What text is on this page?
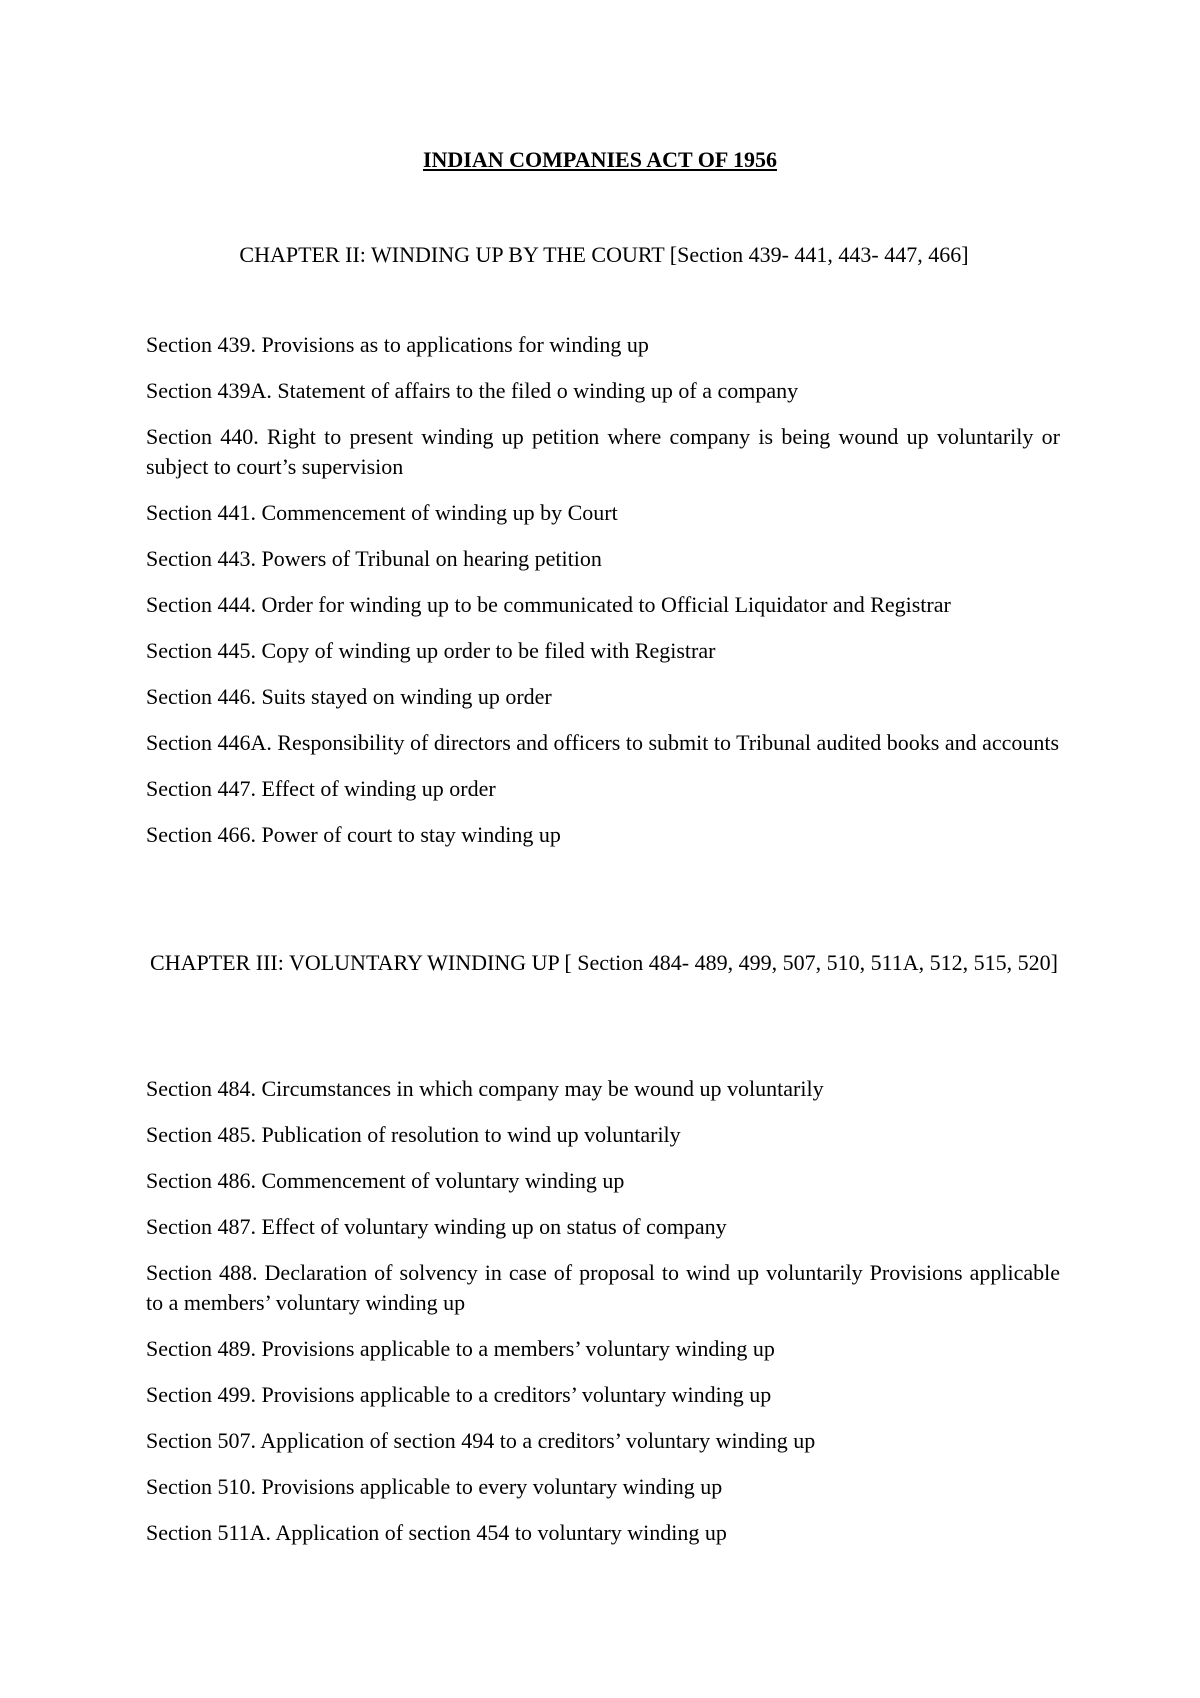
INDIAN COMPANIES ACT OF 1956
CHAPTER II: WINDING UP BY THE COURT [Section 439- 441, 443- 447, 466]
Section 439. Provisions as to applications for winding up
Section 439A. Statement of affairs to the filed o winding up of a company
Section 440. Right to present winding up petition where company is being wound up voluntarily or subject to court’s supervision
Section 441. Commencement of winding up by Court
Section 443. Powers of Tribunal on hearing petition
Section 444. Order for winding up to be communicated to Official Liquidator and Registrar
Section 445. Copy of winding up order to be filed with Registrar
Section 446. Suits stayed on winding up order
Section 446A. Responsibility of directors and officers to submit to Tribunal audited books and accounts
Section 447. Effect of winding up order
Section 466. Power of court to stay winding up
CHAPTER III: VOLUNTARY WINDING UP [ Section 484- 489, 499, 507, 510, 511A, 512, 515, 520]
Section 484. Circumstances in which company may be wound up voluntarily
Section 485. Publication of resolution to wind up voluntarily
Section 486. Commencement of voluntary winding up
Section 487. Effect of voluntary winding up on status of company
Section 488. Declaration of solvency in case of proposal to wind up voluntarily Provisions applicable to a members’ voluntary winding up
Section 489. Provisions applicable to a members’ voluntary winding up
Section 499. Provisions applicable to a creditors’ voluntary winding up
Section 507. Application of section 494 to a creditors’ voluntary winding up
Section 510. Provisions applicable to every voluntary winding up
Section 511A. Application of section 454 to voluntary winding up
